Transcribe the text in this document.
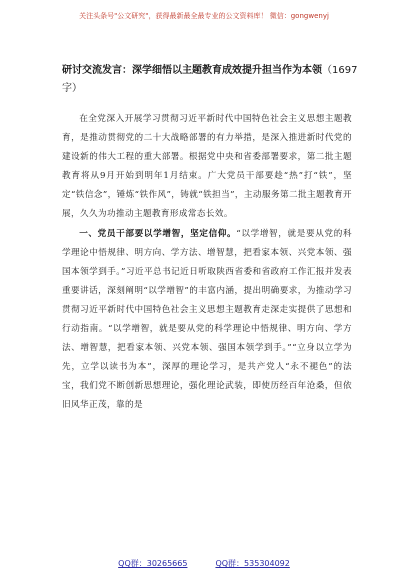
关注头条号"公文研究"，获得最新最全最专业的公文资料库！ 微信：gongwenyj
研讨交流发言：深学细悟以主题教育成效提升担当作为本领（1697字）

在全党深入开展学习贯彻习近平新时代中国特色社会主义思想主题教育，是推动贯彻党的二十大战略部署的有力举措，是深入推进新时代党的建设新的伟大工程的重大部署。根据党中央和省委部署要求，第二批主题教育将从9月开始到明年1月结束。广大党员干部要趁“热”打“铁”，坚定“铁信念”，锤炼“铁作风”，铸就“铁担当”，主动服务第二批主题教育开展，久久为功推动主题教育形成常态长效。

一、党员干部要以学增智，坚定信仰。“以学增智，就是要从党的科学理论中悟规律、明方向、学方法、增智慧，把看家本领、兴党本领、强国本领学到手。”习近平总书记近日听取陕西省委和省政府工作汇报并发表重要讲话，深刻阐明“以学增智”的丰富内涵，提出明确要求，为推动学习贯彻习近平新时代中国特色社会主义思想主题教育走深走实提供了思想和行动指南。“以学增智，就是要从党的科学理论中悟规律、明方向、学方法、增智慧，把看家本领、兴党本领、强国本领学到手。”“立身以立学为先，立学以读书为本”，深厚的理论学习，是共产党人“永不褪色”的法宝，我们党不断创新思想理论，强化理论武装，即使历经百年沧桑，但依旧风华正茂，靠的是

QQ群：30265665	QQ群：535304092
